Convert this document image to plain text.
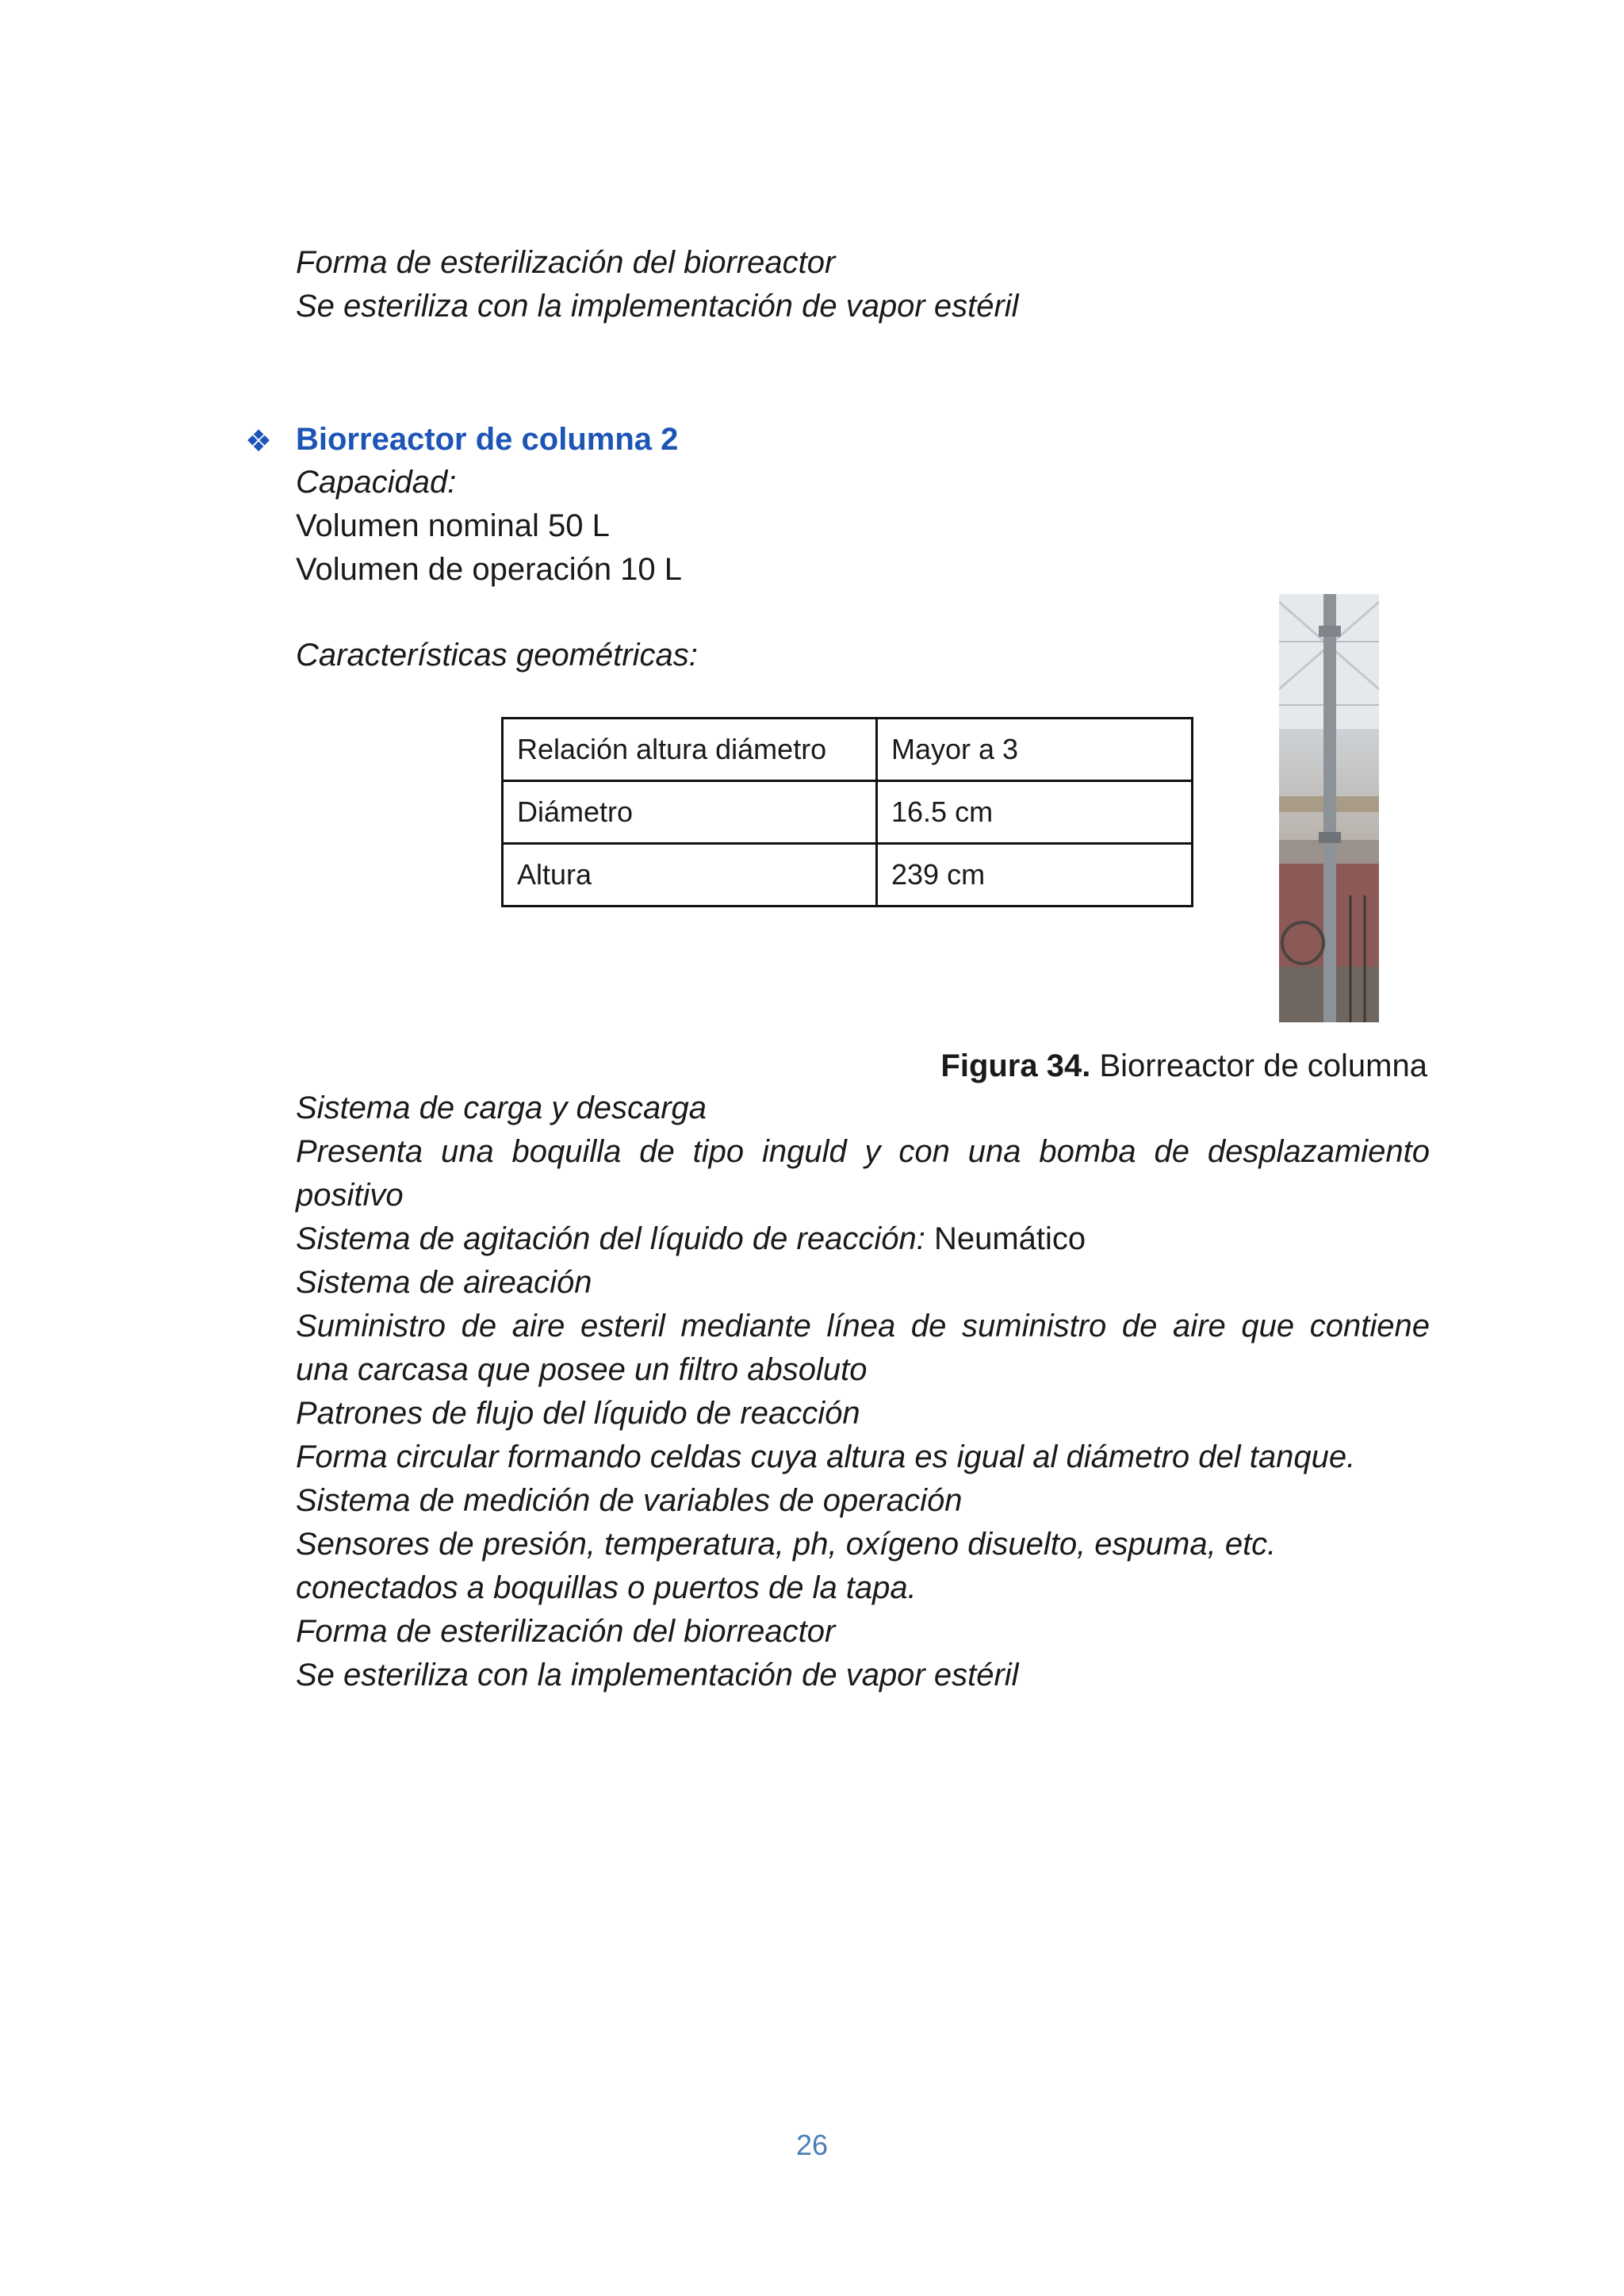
Forma de esterilización del biorreactor
Se esteriliza con la implementación de vapor estéril
❖ Biorreactor de columna 2
Capacidad:
Volumen nominal 50 L
Volumen de operación 10 L
Características geométricas:
Relación altura diámetro	Mayor a 3
Diámetro	16.5 cm
Altura	239 cm
Figura 34. Biorreactor de columna
Sistema de carga y descarga
Presenta una boquilla de tipo inguld y con una bomba de desplazamiento
positivo
Sistema de agitación del líquido de reacción: Neumático
Sistema de aireación
Suministro de aire esteril mediante línea de suministro de aire que contiene
una carcasa que posee un filtro absoluto
Patrones de flujo del líquido de reacción
Forma circular formando celdas cuya altura es igual al diámetro del tanque.
Sistema de medición de variables de operación
Sensores de presión, temperatura, ph, oxígeno disuelto, espuma, etc.
conectados a boquillas o puertos de la tapa.
Forma de esterilización del biorreactor
Se esteriliza con la implementación de vapor estéril
26
